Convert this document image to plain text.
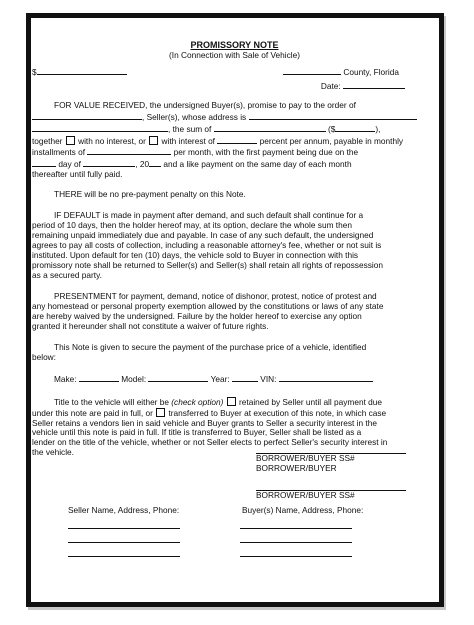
PROMISSORY NOTE
(In Connection with Sale of Vehicle)
$	County, Florida
Date:
FOR VALUE RECEIVED, the undersigned Buyer(s), promise to pay to the order of
, Seller(s), whose address is
, the sum of	($	),
together with no interest, or with interest of	percent per annum, payable in monthly
installments of	per month, with the first payment being due on the
day of	, 20 and a like payment on the same day of each month
thereafter until fully paid.

THERE will be no pre-payment penalty on this Note.

IF DEFAULT is made in payment after demand, and such default shall continue for a
period of 10 days, then the holder hereof may, at its option, declare the whole sum then
remaining unpaid immediately due and payable. In case of any such default, the undersigned
agrees to pay all costs of collection, including a reasonable attorney's fee, whether or not suit is
instituted. Upon default for ten (10) days, the vehicle sold to Buyer in connection with this
promissory note shall be returned to Seller(s) and Seller(s) shall retain all rights of repossession
as a secured party.
PRESENTMENT for payment, demand, notice of dishonor, protest, notice of protest and
any homestead or personal property exemption allowed by the constitutions or laws of any state
are hereby waived by the undersigned. Failure by the holder hereof to exercise any option
granted it hereunder shall not constitute a waiver of future rights.
This Note is given to secure the payment of the purchase price of a vehicle, identified
below:
Make:	Model:	Year:	VIN:
Title to the vehicle will either be (check option) retained by Seller until all payment due
under this note are paid in full, or transferred to Buyer at execution of this note, in which case
Seller retains a vendors lien in said vehicle and Buyer grants to Seller a security interest in the
vehicle until this note is paid in full. If title is transferred to Buyer, Seller shall be listed as a
lender on the title of the vehicle, whether or not Seller elects to perfect Seller's security interest in
the vehicle.
BORROWER/BUYER SS#
BORROWER/BUYER
BORROWER/BUYER SS#
Seller Name, Address, Phone:	Buyer(s) Name, Address, Phone:
